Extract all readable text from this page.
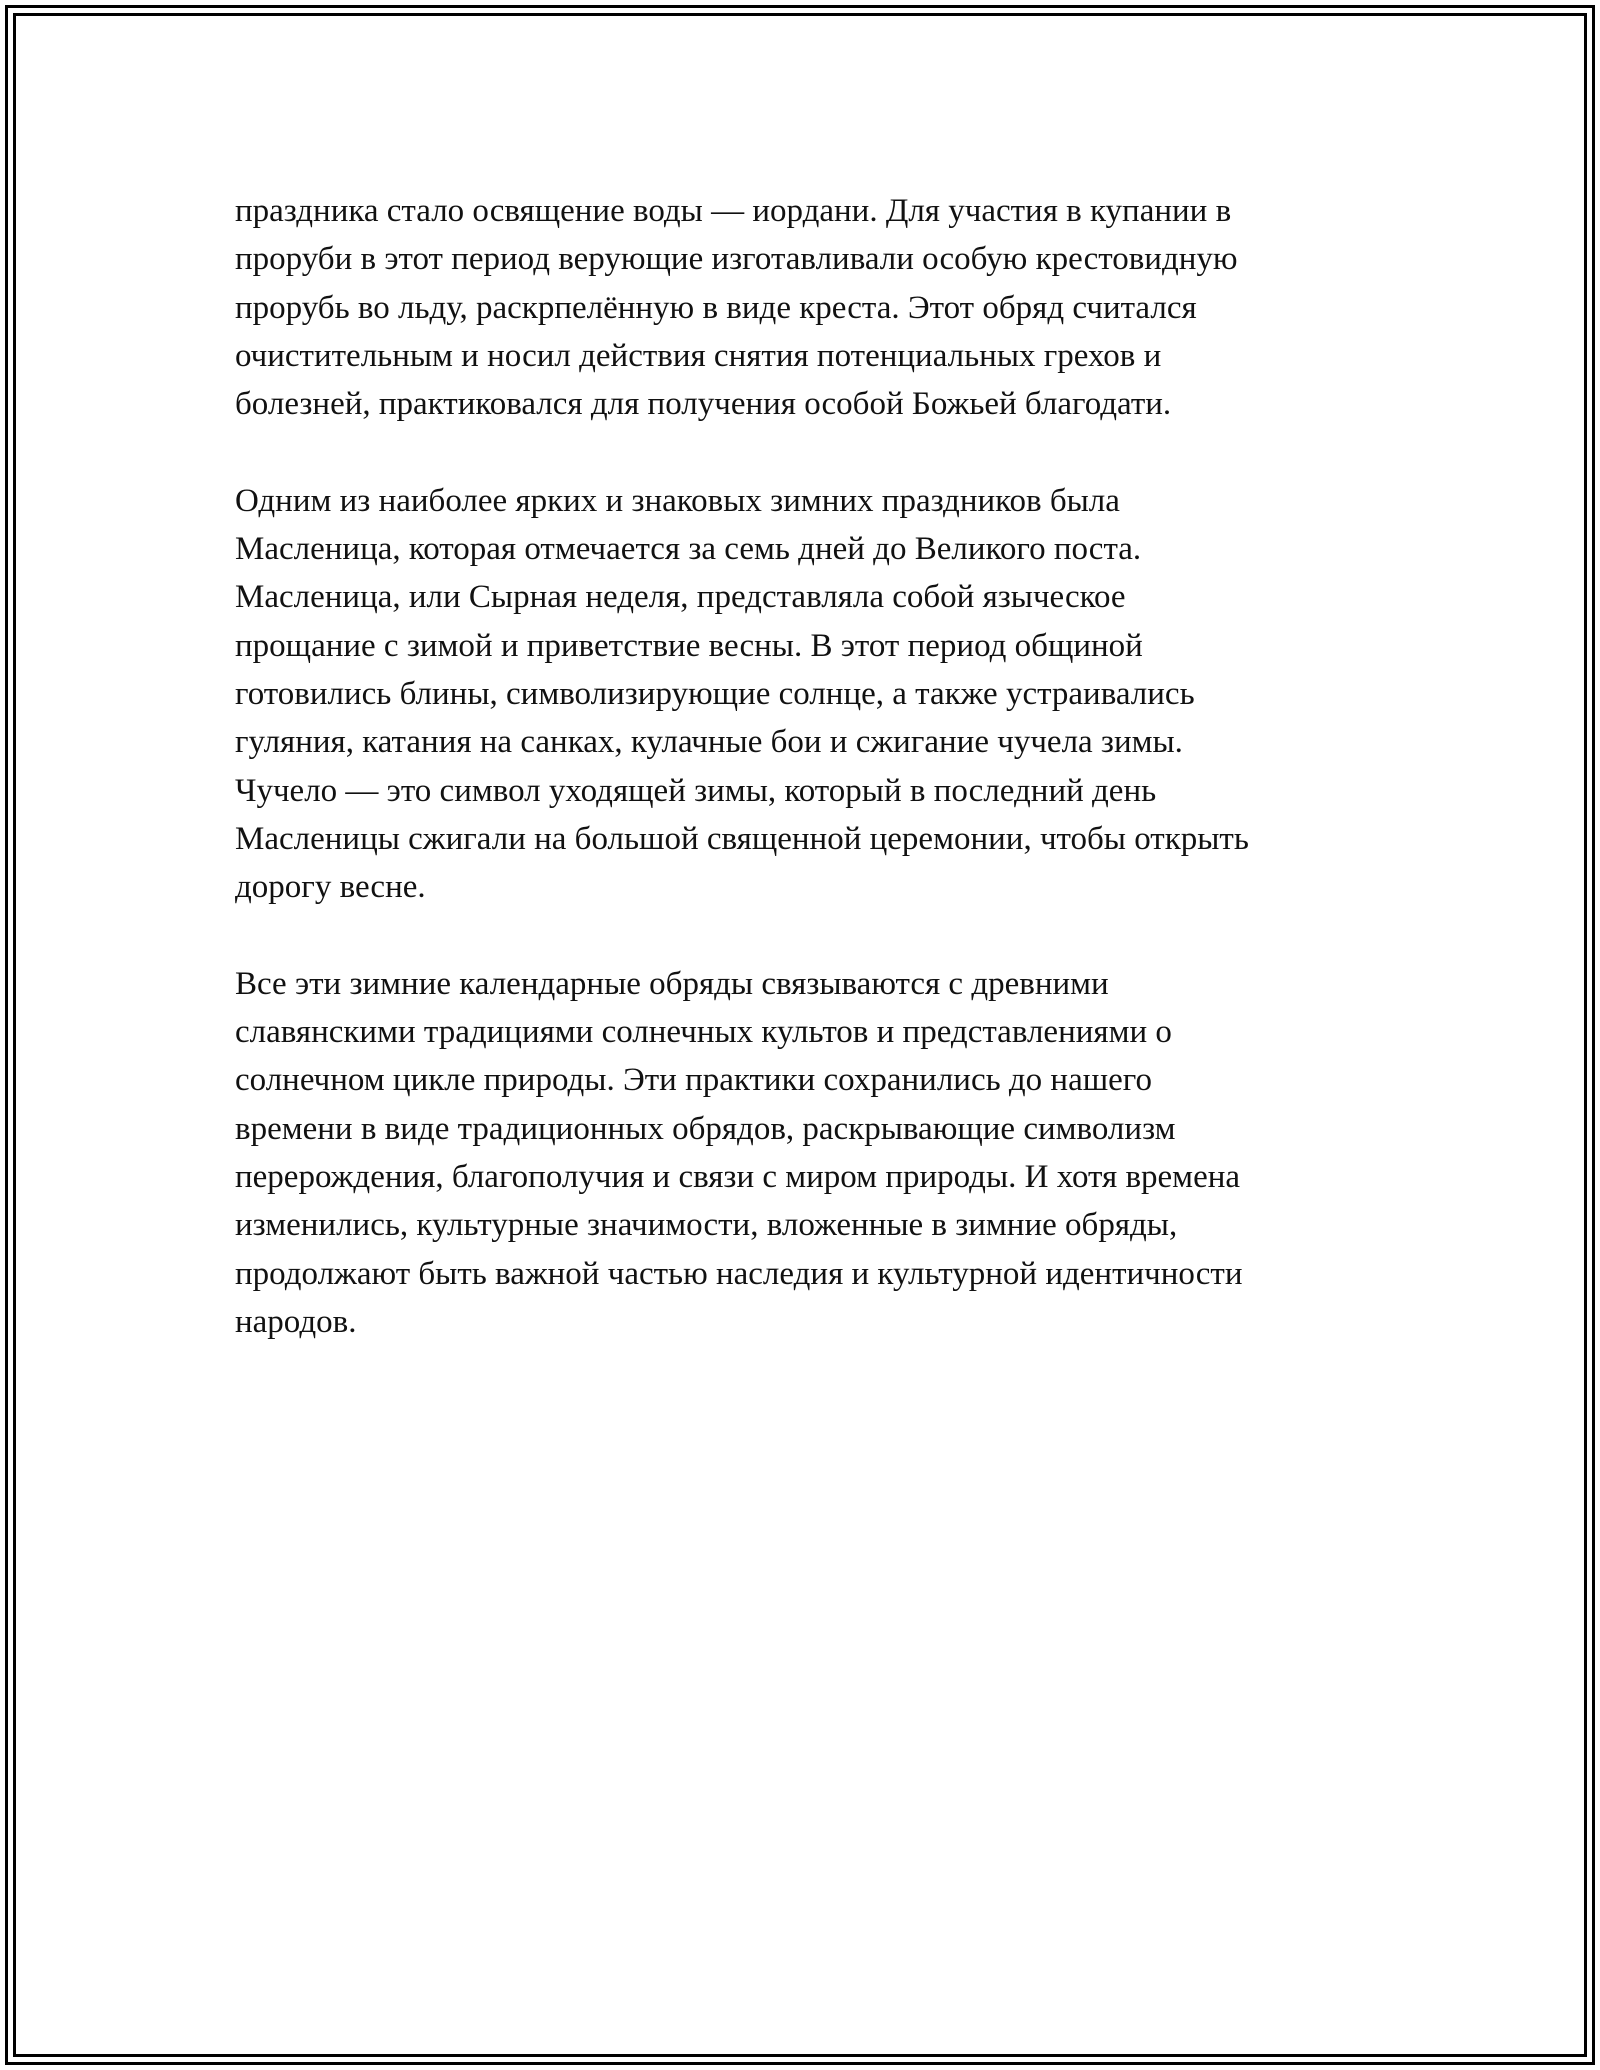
праздника стало освящение воды — иордани. Для участия в купании в
проруби в этот период верующие изготавливали особую крестовидную
прорубь во льду, раскрпелённую в виде креста. Этот обряд считался
очистительным и носил действия снятия потенциальных грехов и
болезней, практиковался для получения особой Божьей благодати.

Одним из наиболее ярких и знаковых зимних праздников была
Масленица, которая отмечается за семь дней до Великого поста.
Масленица, или Сырная неделя, представляла собой языческое
прощание с зимой и приветствие весны. В этот период общиной
готовились блины, символизирующие солнце, а также устраивались
гуляния, катания на санках, кулачные бои и сжигание чучела зимы.
Чучело — это символ уходящей зимы, который в последний день
Масленицы сжигали на большой священной церемонии, чтобы открыть
дорогу весне.

Все эти зимние календарные обряды связываются с древними
славянскими традициями солнечных культов и представлениями о
солнечном цикле природы. Эти практики сохранились до нашего
времени в виде традиционных обрядов, раскрывающие символизм
перерождения, благополучия и связи с миром природы. И хотя времена
изменились, культурные значимости, вложенные в зимние обряды,
продолжают быть важной частью наследия и культурной идентичности
народов.
